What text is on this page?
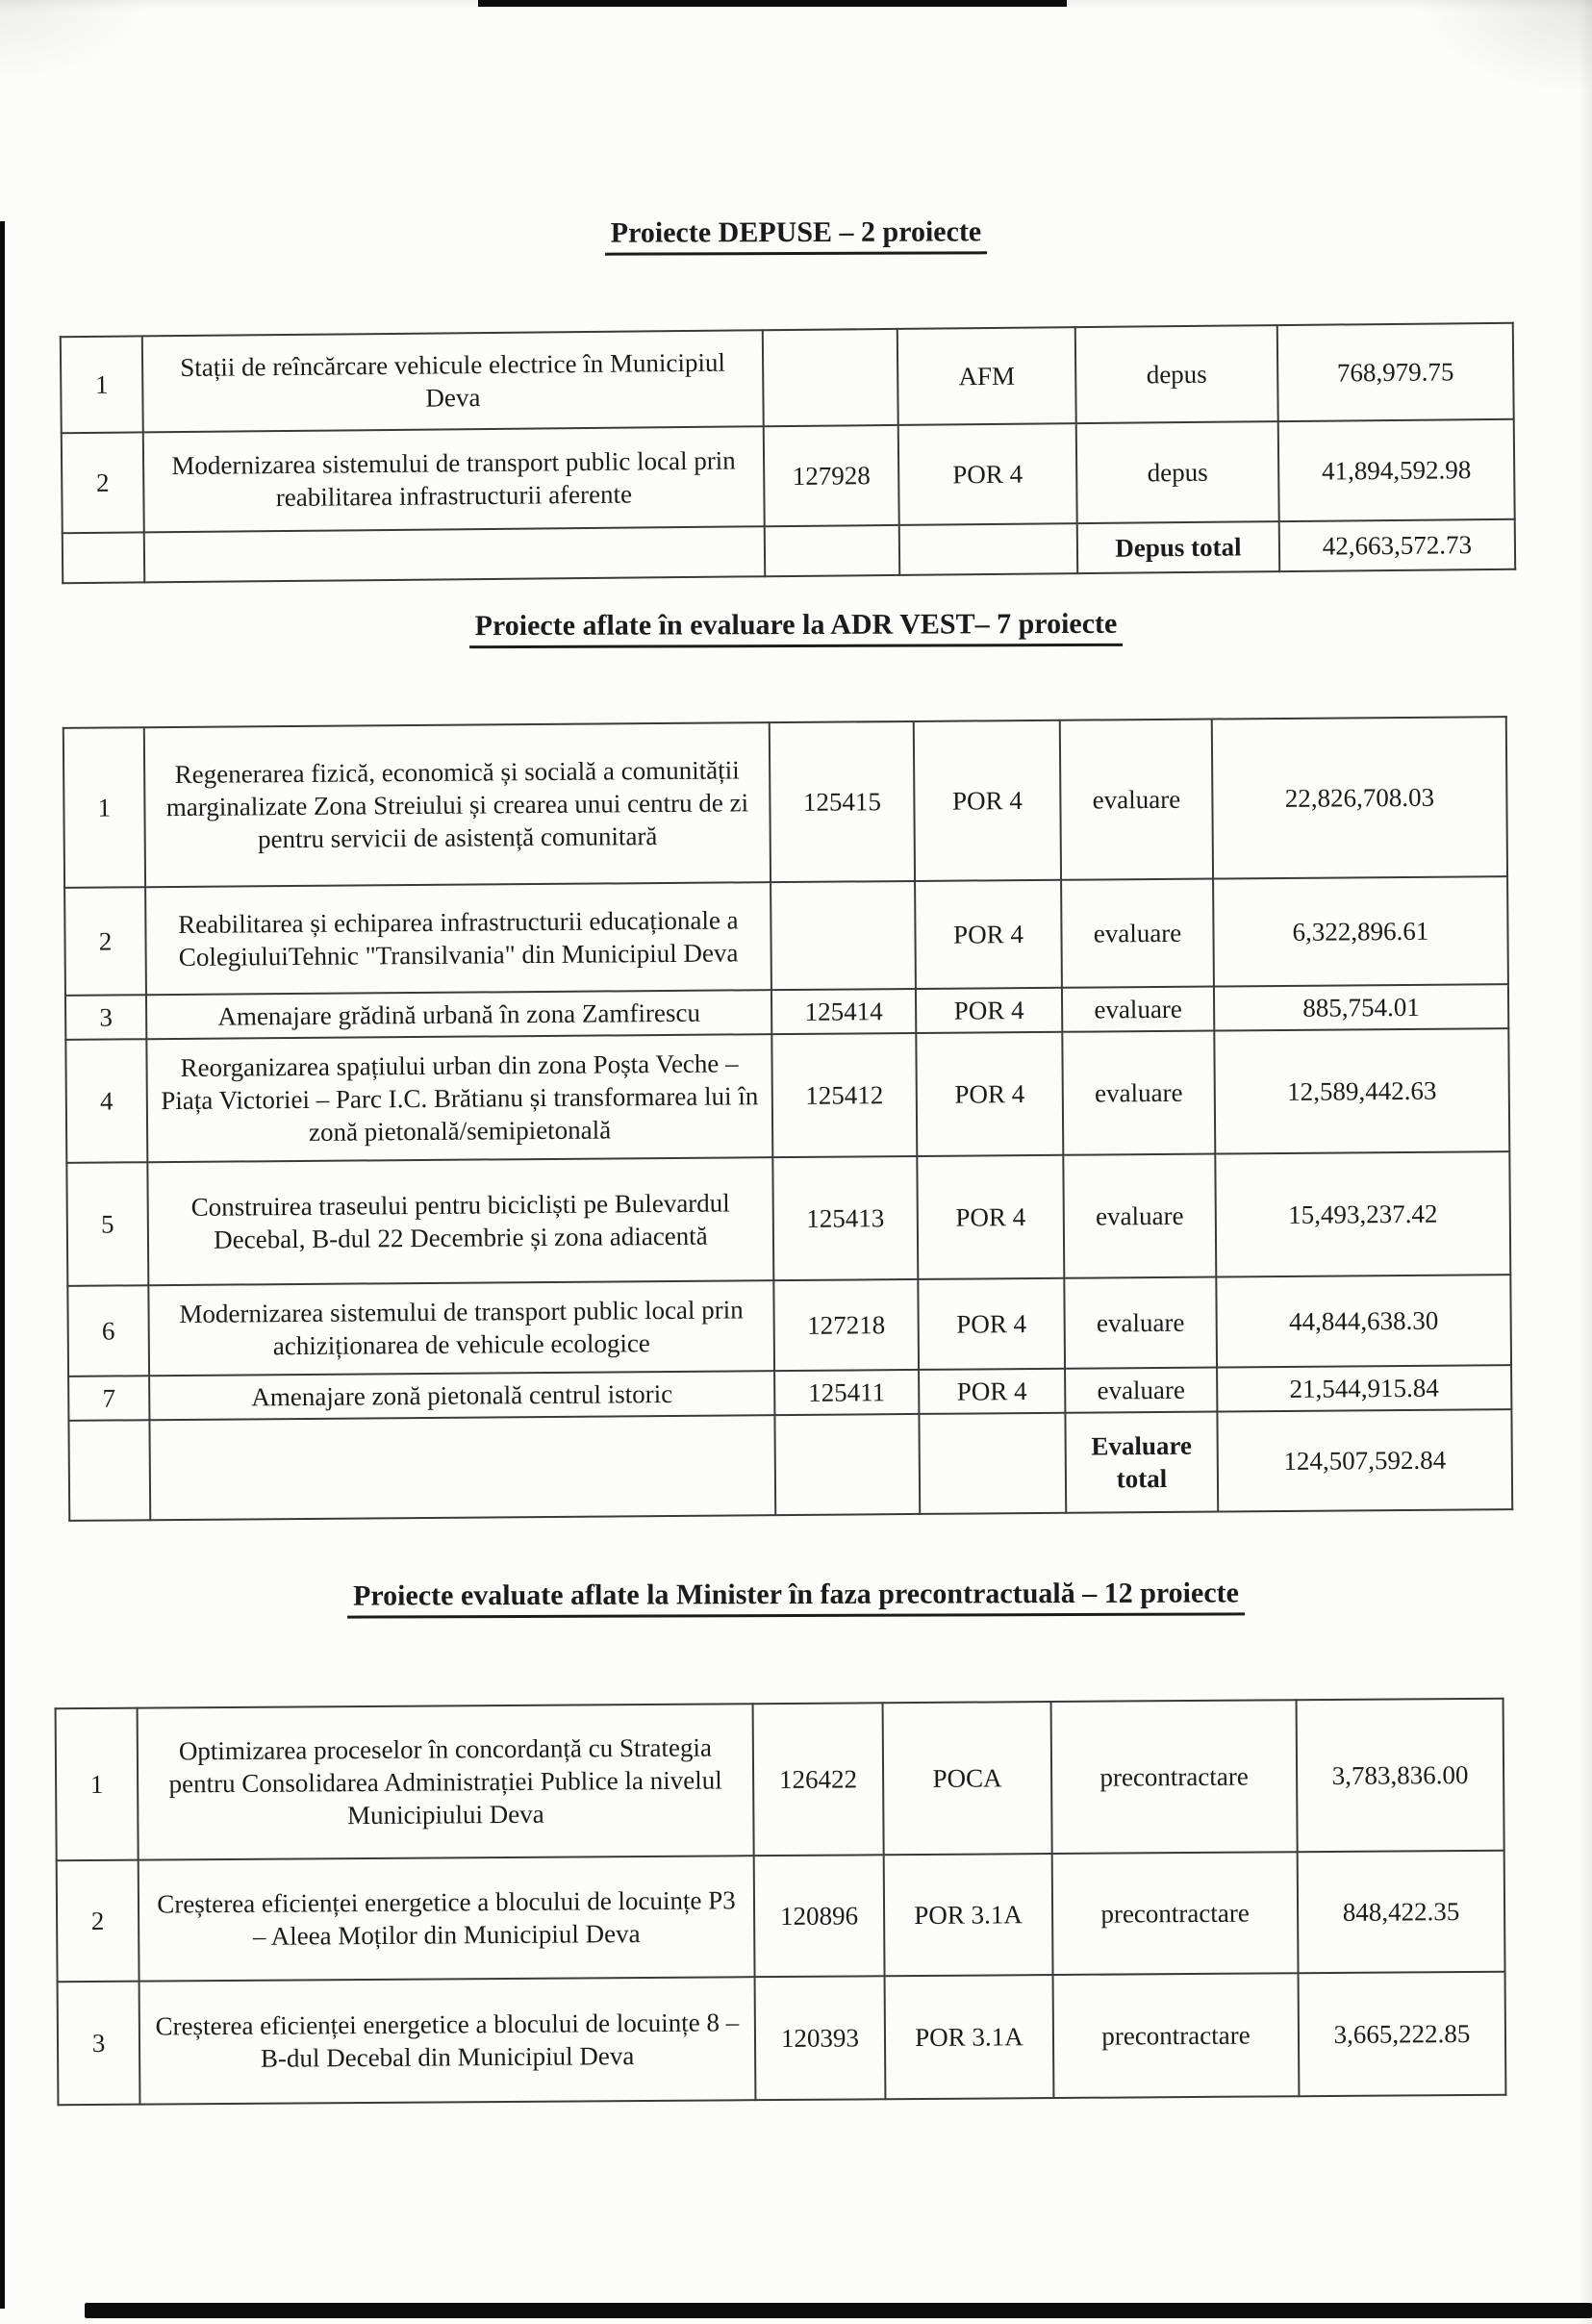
Proiecte DEPUSE – 2 proiecte
1	Stații de reîncărcare vehicule electrice în Municipiul Deva		AFM	depus	768,979.75
2	Modernizarea sistemului de transport public local prin reabilitarea infrastructurii aferente	127928	POR 4	depus	41,894,592.98
				Depus total	42,663,572.73
Proiecte aflate în evaluare la ADR VEST– 7 proiecte
1	Regenerarea fizică, economică și socială a comunității marginalizate Zona Streiului și crearea unui centru de zi pentru servicii de asistență comunitară	125415	POR 4	evaluare	22,826,708.03
2	Reabilitarea și echiparea infrastructurii educaționale a ColegiuluiTehnic "Transilvania" din Municipiul Deva		POR 4	evaluare	6,322,896.61
3	Amenajare grădină urbană în zona Zamfirescu	125414	POR 4	evaluare	885,754.01
4	Reorganizarea spațiului urban din zona Poșta Veche – Piața Victoriei – Parc I.C. Brătianu și transformarea lui în zonă pietonală/semipietonală	125412	POR 4	evaluare	12,589,442.63
5	Construirea traseului pentru bicicliști pe Bulevardul Decebal, B-dul 22 Decembrie și zona adiacentă	125413	POR 4	evaluare	15,493,237.42
6	Modernizarea sistemului de transport public local prin achiziționarea de vehicule ecologice	127218	POR 4	evaluare	44,844,638.30
7	Amenajare zonă pietonală centrul istoric	125411	POR 4	evaluare	21,544,915.84
				Evaluare total	124,507,592.84
Proiecte evaluate aflate la Minister în faza precontractuală – 12 proiecte
1	Optimizarea proceselor în concordanță cu Strategia pentru Consolidarea Administrației Publice la nivelul Municipiului Deva	126422	POCA	precontractare	3,783,836.00
2	Creșterea eficienței energetice a blocului de locuințe P3 – Aleea Moților din Municipiul Deva	120896	POR 3.1A	precontractare	848,422.35
3	Creșterea eficienței energetice a blocului de locuințe 8 – B-dul Decebal din Municipiul Deva	120393	POR 3.1A	precontractare	3,665,222.85
